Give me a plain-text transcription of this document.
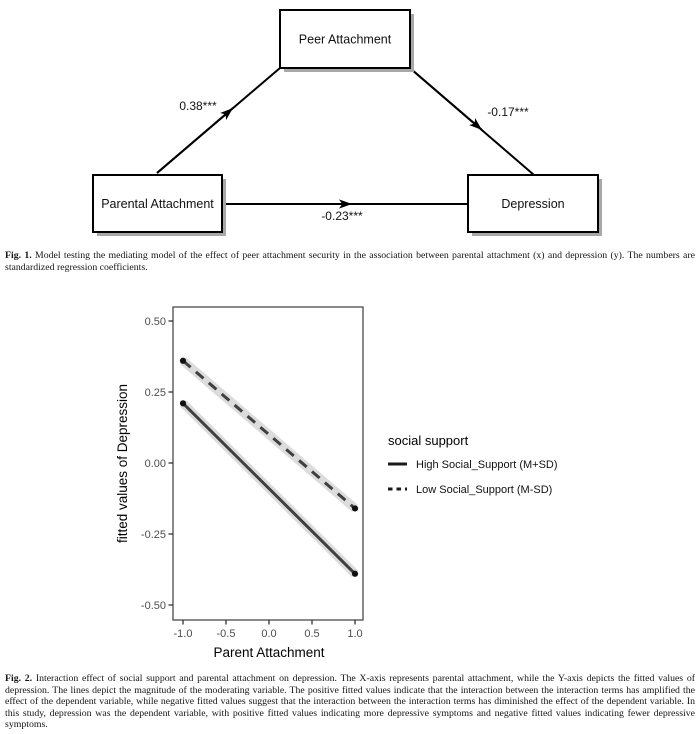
0.38***	-0.17***
-0.23***
Peer Attachment
Parental Attachment	Depression

Fig. 1. Model testing the mediating model of the effect of peer attachment security in the association between parental attachment (x) and depression (y). The numbers are standardized regression coefficients.

0.50
0.25
0.00
-0.25
-0.50
-1.0 -0.5 0.0	0.5	1.0
Parent Attachment
fitted values of Depression	social support
High Social_Support (M+SD)
Low Social_Support (M-SD)

Fig. 2. Interaction effect of social support and parental attachment on depression. The X-axis represents parental attachment, while the Y-axis depicts the fitted values of depression. The lines depict the magnitude of the moderating variable. The positive fitted values indicate that the interaction between the interaction terms has amplified the effect of the dependent variable, while negative fitted values suggest that the interaction between the interaction terms has diminished the effect of the dependent variable. In this study, depression was the dependent variable, with positive fitted values indicating more depressive symptoms and negative fitted values indicating fewer depressive symptoms.
